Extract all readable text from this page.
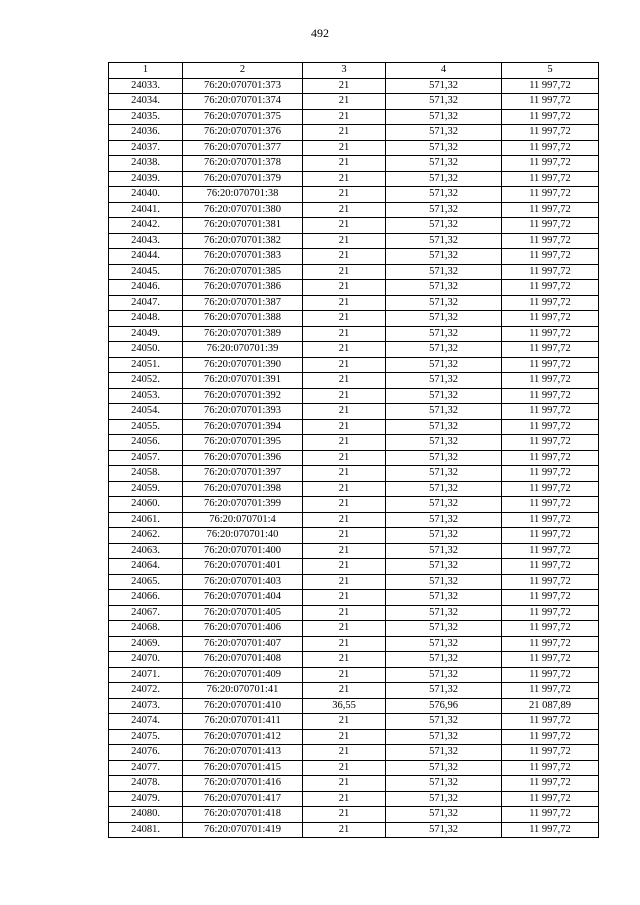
492
1	2	3	4	5
24033.	76:20:070701:373	21	571,32	11 997,72
24034.	76:20:070701:374	21	571,32	11 997,72
24035.	76:20:070701:375	21	571,32	11 997,72
24036.	76:20:070701:376	21	571,32	11 997,72
24037.	76:20:070701:377	21	571,32	11 997,72
24038.	76:20:070701:378	21	571,32	11 997,72
24039.	76:20:070701:379	21	571,32	11 997,72
24040.	76:20:070701:38	21	571,32	11 997,72
24041.	76:20:070701:380	21	571,32	11 997,72
24042.	76:20:070701:381	21	571,32	11 997,72
24043.	76:20:070701:382	21	571,32	11 997,72
24044.	76:20:070701:383	21	571,32	11 997,72
24045.	76:20:070701:385	21	571,32	11 997,72
24046.	76:20:070701:386	21	571,32	11 997,72
24047.	76:20:070701:387	21	571,32	11 997,72
24048.	76:20:070701:388	21	571,32	11 997,72
24049.	76:20:070701:389	21	571,32	11 997,72
24050.	76:20:070701:39	21	571,32	11 997,72
24051.	76:20:070701:390	21	571,32	11 997,72
24052.	76:20:070701:391	21	571,32	11 997,72
24053.	76:20:070701:392	21	571,32	11 997,72
24054.	76:20:070701:393	21	571,32	11 997,72
24055.	76:20:070701:394	21	571,32	11 997,72
24056.	76:20:070701:395	21	571,32	11 997,72
24057.	76:20:070701:396	21	571,32	11 997,72
24058.	76:20:070701:397	21	571,32	11 997,72
24059.	76:20:070701:398	21	571,32	11 997,72
24060.	76:20:070701:399	21	571,32	11 997,72
24061.	76:20:070701:4	21	571,32	11 997,72
24062.	76:20:070701:40	21	571,32	11 997,72
24063.	76:20:070701:400	21	571,32	11 997,72
24064.	76:20:070701:401	21	571,32	11 997,72
24065.	76:20:070701:403	21	571,32	11 997,72
24066.	76:20:070701:404	21	571,32	11 997,72
24067.	76:20:070701:405	21	571,32	11 997,72
24068.	76:20:070701:406	21	571,32	11 997,72
24069.	76:20:070701:407	21	571,32	11 997,72
24070.	76:20:070701:408	21	571,32	11 997,72
24071.	76:20:070701:409	21	571,32	11 997,72
24072.	76:20:070701:41	21	571,32	11 997,72
24073.	76:20:070701:410	36,55	576,96	21 087,89
24074.	76:20:070701:411	21	571,32	11 997,72
24075.	76:20:070701:412	21	571,32	11 997,72
24076.	76:20:070701:413	21	571,32	11 997,72
24077.	76:20:070701:415	21	571,32	11 997,72
24078.	76:20:070701:416	21	571,32	11 997,72
24079.	76:20:070701:417	21	571,32	11 997,72
24080.	76:20:070701:418	21	571,32	11 997,72
24081.	76:20:070701:419	21	571,32	11 997,72
